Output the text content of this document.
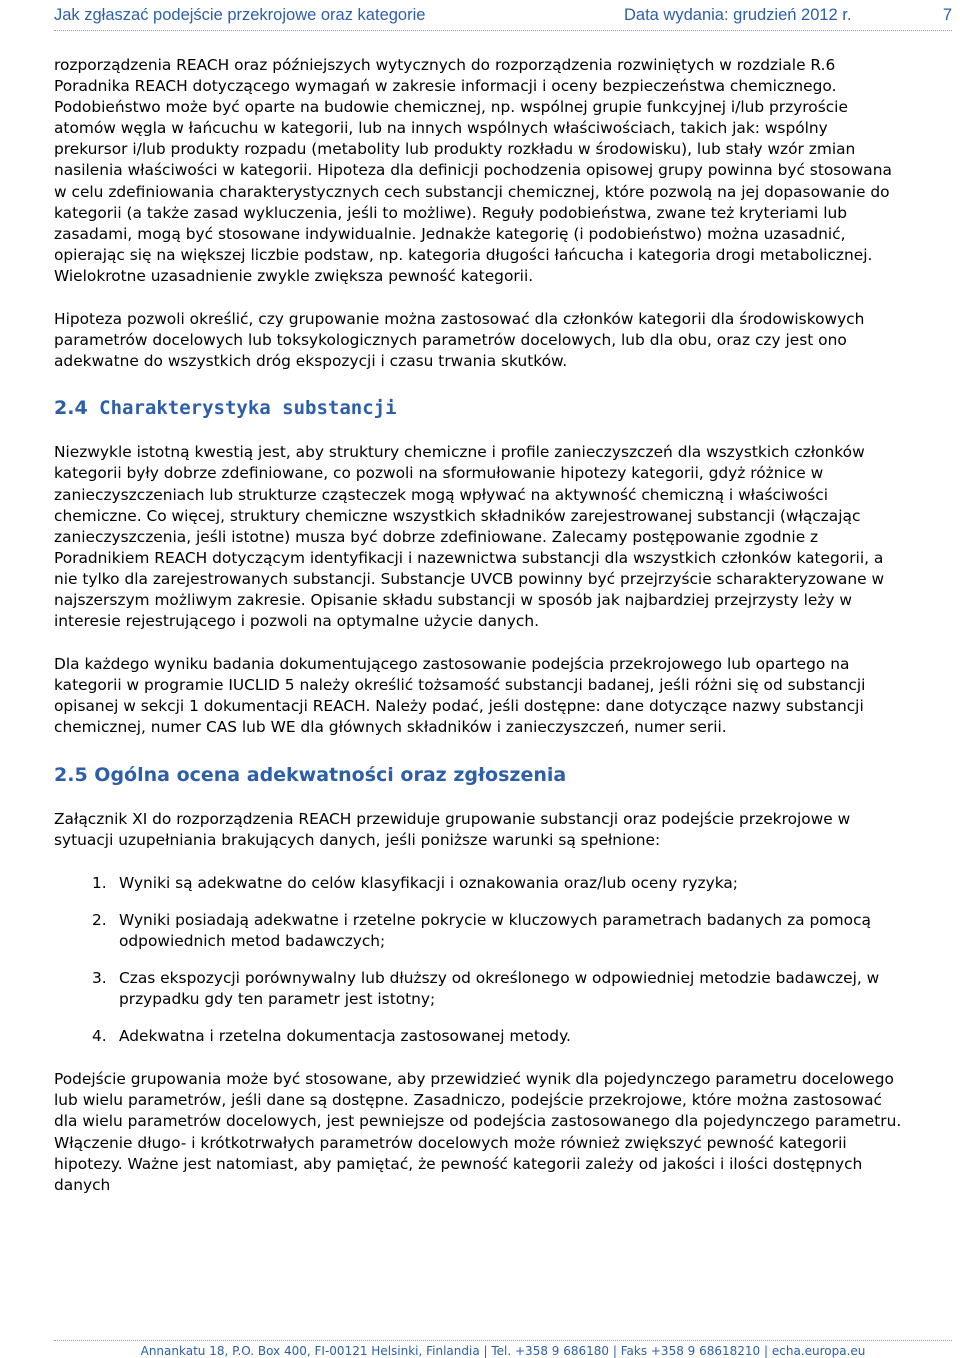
Jak zgłaszać podejście przekrojowe oraz kategorie	Data wydania: grudzień 2012 r.	7

rozporządzenia REACH oraz późniejszych wytycznych do rozporządzenia rozwiniętych w rozdziale R.6 Poradnika REACH dotyczącego wymagań w zakresie informacji i oceny bezpieczeństwa chemicznego. Podobieństwo może być oparte na budowie chemicznej, np. wspólnej grupie funkcyjnej i/lub przyroście atomów węgla w łańcuchu w kategorii, lub na innych wspólnych właściwościach, takich jak: wspólny prekursor i/lub produkty rozpadu (metabolity lub produkty rozkładu w środowisku), lub stały wzór zmian nasilenia właściwości w kategorii. Hipoteza dla definicji pochodzenia opisowej grupy powinna być stosowana w celu zdefiniowania charakterystycznych cech substancji chemicznej, które pozwolą na jej dopasowanie do kategorii (a także zasad wykluczenia, jeśli to możliwe). Reguły podobieństwa, zwane też kryteriami lub zasadami, mogą być stosowane indywidualnie. Jednakże kategorię (i podobieństwo) można uzasadnić, opierając się na większej liczbie podstaw, np. kategoria długości łańcucha i kategoria drogi metabolicznej. Wielokrotne uzasadnienie zwykle zwiększa pewność kategorii.

Hipoteza pozwoli określić, czy grupowanie można zastosować dla członków kategorii dla środowiskowych parametrów docelowych lub toksykologicznych parametrów docelowych, lub dla obu, oraz czy jest ono adekwatne do wszystkich dróg ekspozycji i czasu trwania skutków.

2.4 Charakterystyka substancji

Niezwykle istotną kwestią jest, aby struktury chemiczne i profile zanieczyszczeń dla wszystkich członków kategorii były dobrze zdefiniowane, co pozwoli na sformułowanie hipotezy kategorii, gdyż różnice w zanieczyszczeniach lub strukturze cząsteczek mogą wpływać na aktywność chemiczną i właściwości chemiczne. Co więcej, struktury chemiczne wszystkich składników zarejestrowanej substancji (włączając zanieczyszczenia, jeśli istotne) musza być dobrze zdefiniowane. Zalecamy postępowanie zgodnie z Poradnikiem REACH dotyczącym identyfikacji i nazewnictwa substancji dla wszystkich członków kategorii, a nie tylko dla zarejestrowanych substancji. Substancje UVCB powinny być przejrzyście scharakteryzowane w najszerszym możliwym zakresie. Opisanie składu substancji w sposób jak najbardziej przejrzysty leży w interesie rejestrującego i pozwoli na optymalne użycie danych.

Dla każdego wyniku badania dokumentującego zastosowanie podejścia przekrojowego lub opartego na kategorii w programie IUCLID 5 należy określić tożsamość substancji badanej, jeśli różni się od substancji opisanej w sekcji 1 dokumentacji REACH. Należy podać, jeśli dostępne: dane dotyczące nazwy substancji chemicznej, numer CAS lub WE dla głównych składników i zanieczyszczeń, numer serii.

2.5 Ogólna ocena adekwatności oraz zgłoszenia

Załącznik XI do rozporządzenia REACH przewiduje grupowanie substancji oraz podejście przekrojowe w sytuacji uzupełniania brakujących danych, jeśli poniższe warunki są spełnione:

1. Wyniki są adekwatne do celów klasyfikacji i oznakowania oraz/lub oceny ryzyka;
2. Wyniki posiadają adekwatne i rzetelne pokrycie w kluczowych parametrach badanych za pomocą odpowiednich metod badawczych;
3. Czas ekspozycji porównywalny lub dłuższy od określonego w odpowiedniej metodzie badawczej, w przypadku gdy ten parametr jest istotny;
4. Adekwatna i rzetelna dokumentacja zastosowanej metody.

Podejście grupowania może być stosowane, aby przewidzieć wynik dla pojedynczego parametru docelowego lub wielu parametrów, jeśli dane są dostępne. Zasadniczo, podejście przekrojowe, które można zastosować dla wielu parametrów docelowych, jest pewniejsze od podejścia zastosowanego dla pojedynczego parametru. Włączenie długo- i krótkotrwałych parametrów docelowych może również zwiększyć pewność kategorii hipotezy. Ważne jest natomiast, aby pamiętać, że pewność kategorii zależy od jakości i ilości dostępnych danych

Annankatu 18, P.O. Box 400, FI-00121 Helsinki, Finlandia | Tel. +358 9 686180 | Faks +358 9 68618210 | echa.europa.eu
